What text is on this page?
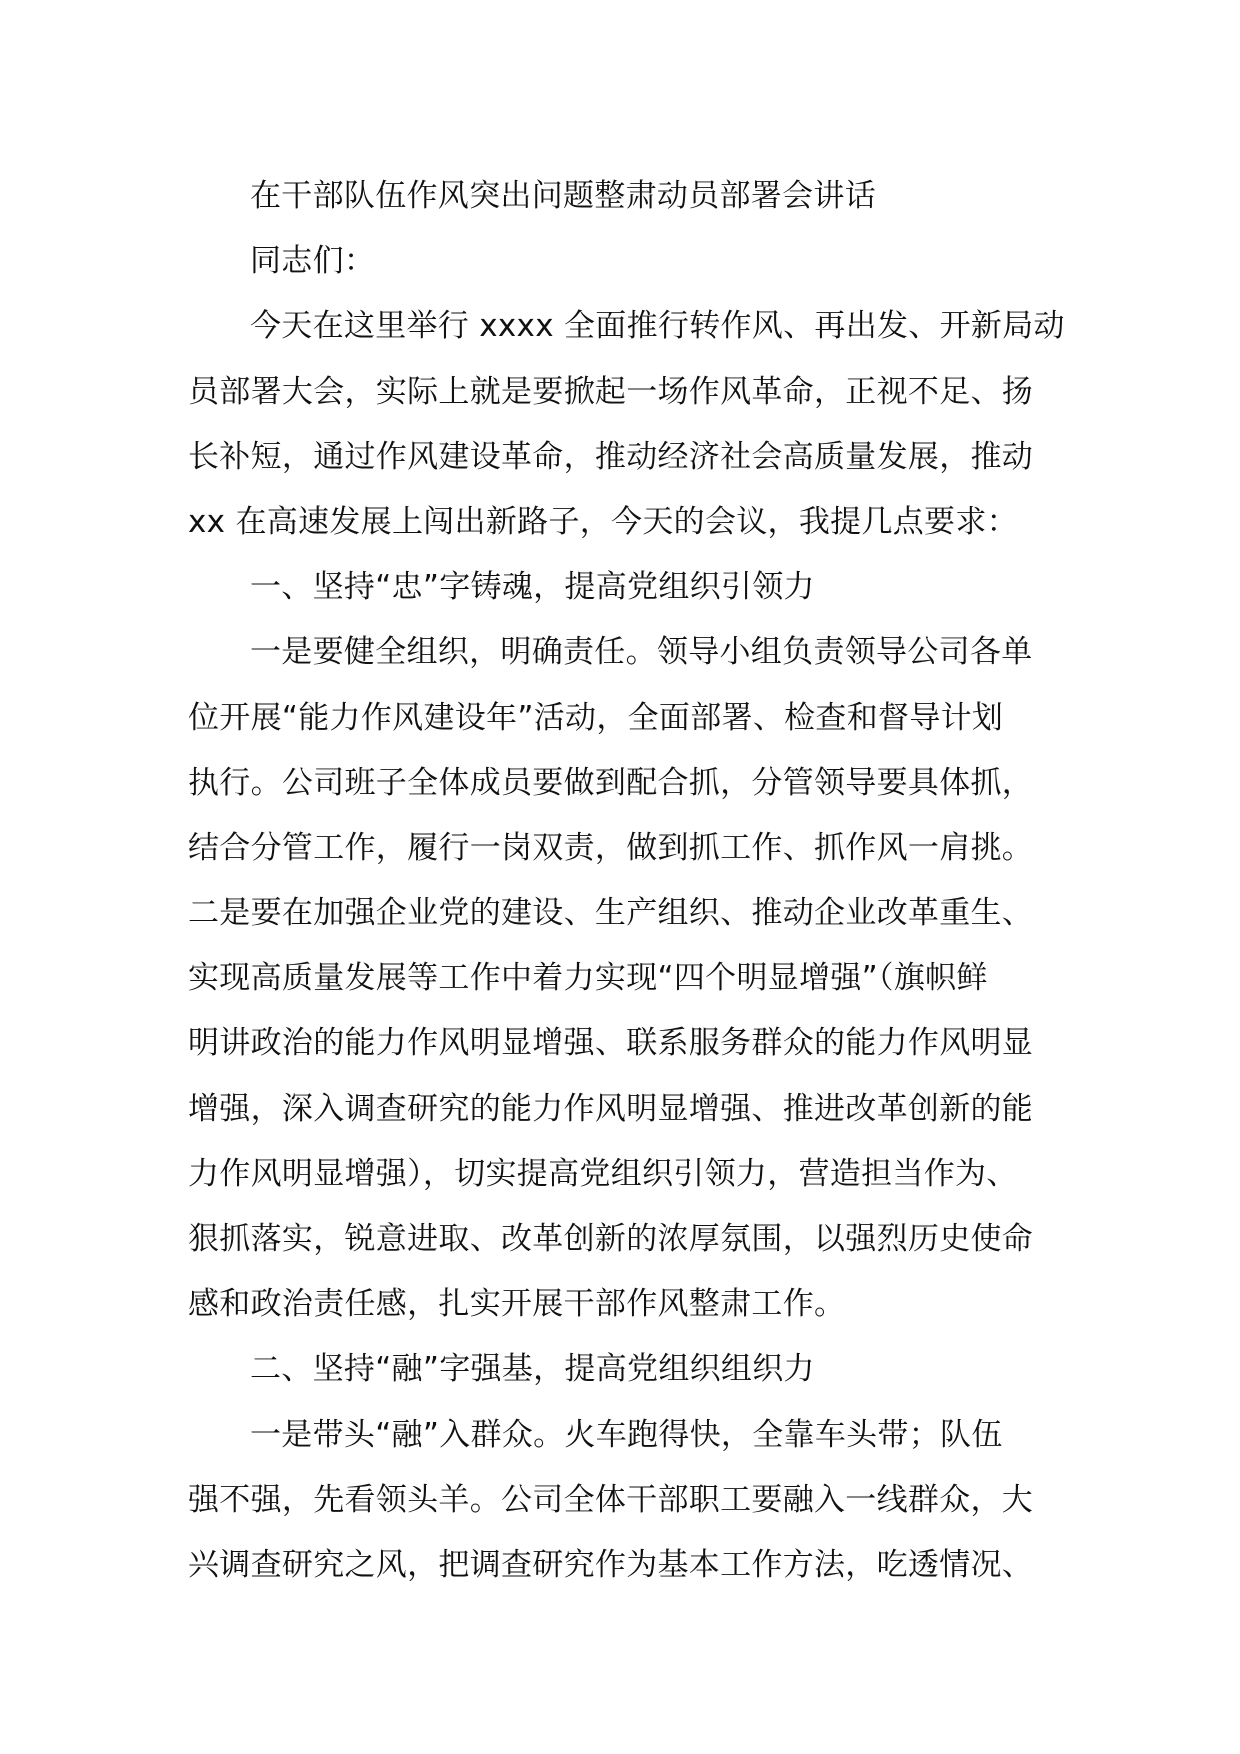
在干部队伍作风突出问题整肃动员部署会讲话
同志们：
今天在这里举行 xxxx 全面推行转作风、再出发、开新局动
员部署大会，实际上就是要掀起一场作风革命，正视不足、扬
长补短，通过作风建设革命，推动经济社会高质量发展，推动
xx 在高速发展上闯出新路子，今天的会议，我提几点要求：
一、坚持“忠”字铸魂，提高党组织引领力
一是要健全组织，明确责任。领导小组负责领导公司各单
位开展“能力作风建设年”活动，全面部署、检查和督导计划
执行。公司班子全体成员要做到配合抓，分管领导要具体抓，
结合分管工作，履行一岗双责，做到抓工作、抓作风一肩挑。
二是要在加强企业党的建设、生产组织、推动企业改革重生、
实现高质量发展等工作中着力实现“四个明显增强”（旗帜鲜
明讲政治的能力作风明显增强、联系服务群众的能力作风明显
增强，深入调查研究的能力作风明显增强、推进改革创新的能
力作风明显增强），切实提高党组织引领力，营造担当作为、
狠抓落实，锐意进取、改革创新的浓厚氛围，以强烈历史使命
感和政治责任感，扎实开展干部作风整肃工作。
二、坚持“融”字强基，提高党组织组织力
一是带头“融”入群众。火车跑得快，全靠车头带；队伍
强不强，先看领头羊。公司全体干部职工要融入一线群众，大
兴调查研究之风，把调查研究作为基本工作方法，吃透情况、
